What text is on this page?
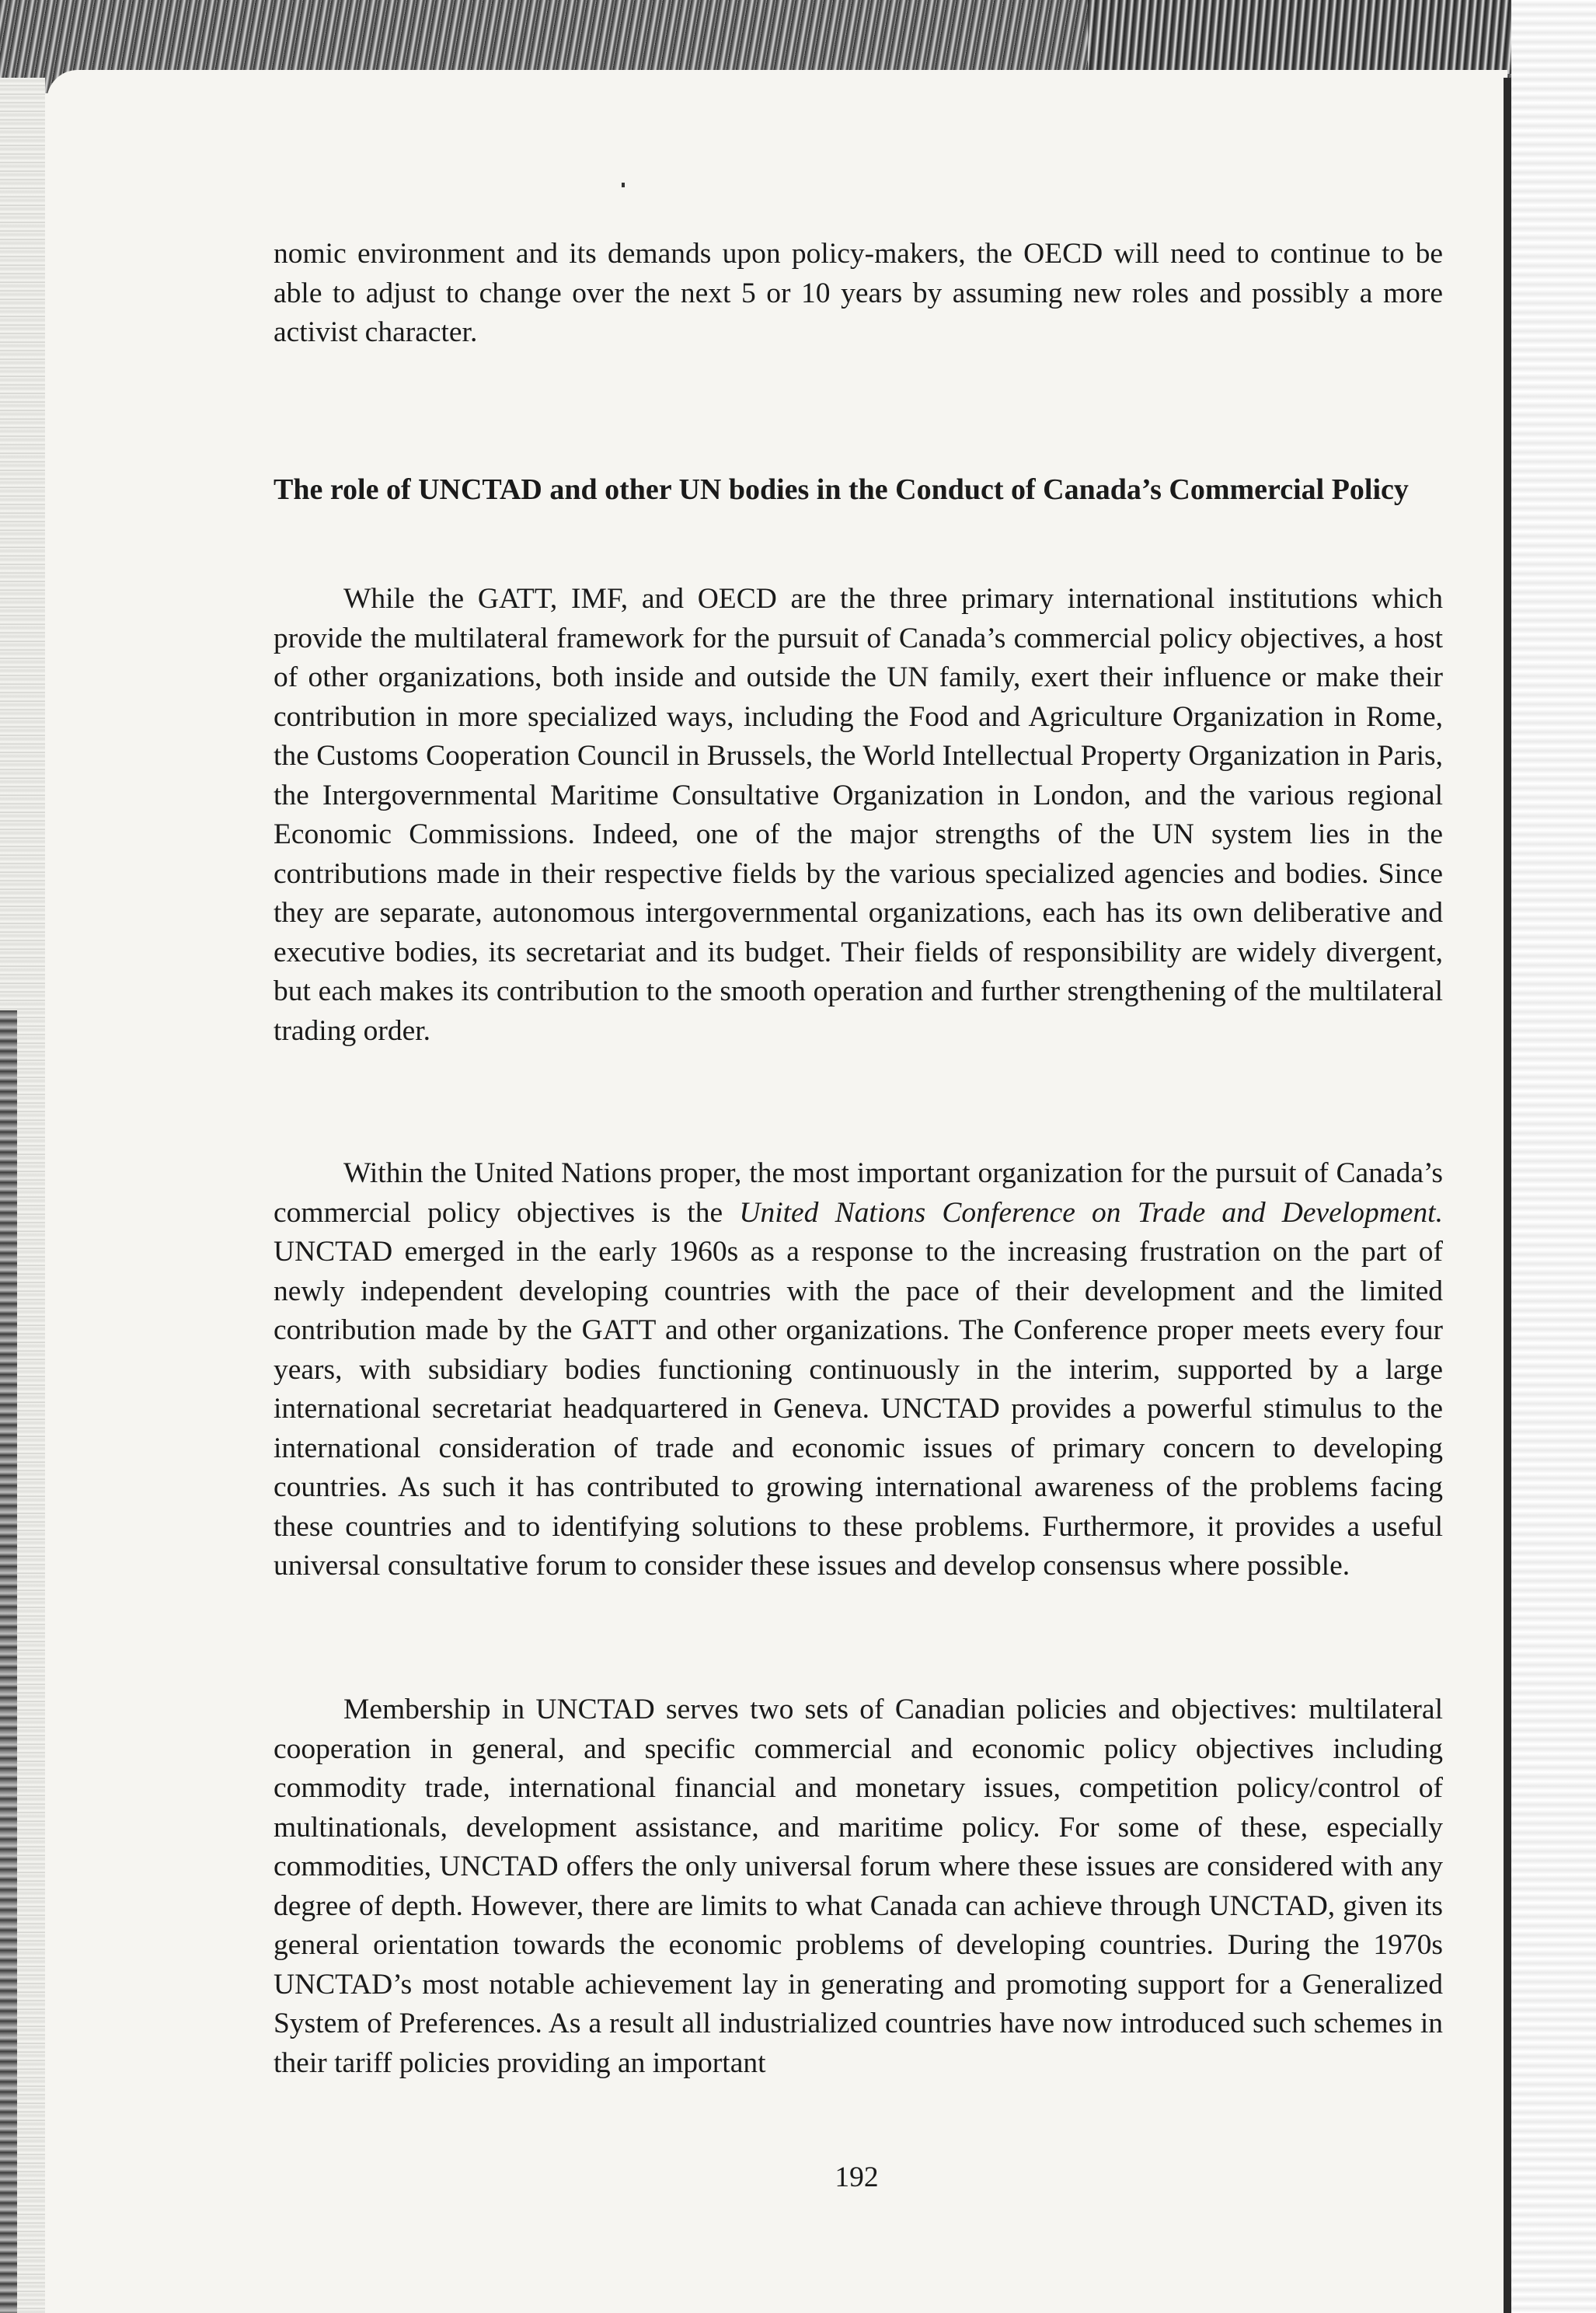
nomic environment and its demands upon policy-makers, the OECD will need to continue to be able to adjust to change over the next 5 or 10 years by assuming new roles and possibly a more activist character.

The role of UNCTAD and other UN bodies in the Conduct of Canada’s Commercial Policy

While the GATT, IMF, and OECD are the three primary international institutions which provide the multilateral framework for the pursuit of Canada’s commercial policy objectives, a host of other organizations, both inside and outside the UN family, exert their influence or make their contribution in more specialized ways, including the Food and Agriculture Organization in Rome, the Customs Cooperation Council in Brussels, the World Intellectual Property Organization in Paris, the Intergovernmental Maritime Consultative Organization in London, and the various regional Economic Commissions. Indeed, one of the major strengths of the UN system lies in the contributions made in their respective fields by the various specialized agencies and bodies. Since they are separate, autonomous intergovernmental organizations, each has its own deliberative and executive bodies, its secretariat and its budget. Their fields of responsibility are widely divergent, but each makes its contribution to the smooth operation and further strengthening of the multilateral trading order.

Within the United Nations proper, the most important organization for the pursuit of Canada’s commercial policy objectives is the United Nations Conference on Trade and Development. UNCTAD emerged in the early 1960s as a response to the increasing frustration on the part of newly independent developing countries with the pace of their development and the limited contribution made by the GATT and other organizations. The Conference proper meets every four years, with subsidiary bodies functioning continuously in the interim, supported by a large international secretariat headquartered in Geneva. UNCTAD provides a powerful stimulus to the international consideration of trade and economic issues of primary concern to developing countries. As such it has contributed to growing international awareness of the problems facing these countries and to identifying solutions to these problems. Furthermore, it provides a useful universal consultative forum to consider these issues and develop consensus where possible.

Membership in UNCTAD serves two sets of Canadian policies and objectives: multilateral cooperation in general, and specific commercial and economic policy objectives including commodity trade, international financial and monetary issues, competition policy/control of multinationals, development assistance, and maritime policy. For some of these, especially commodities, UNCTAD offers the only universal forum where these issues are considered with any degree of depth. However, there are limits to what Canada can achieve through UNCTAD, given its general orientation towards the economic problems of developing countries. During the 1970s UNCTAD’s most notable achievement lay in generating and promoting support for a Generalized System of Preferences. As a result all industrialized countries have now introduced such schemes in their tariff policies providing an important

192
